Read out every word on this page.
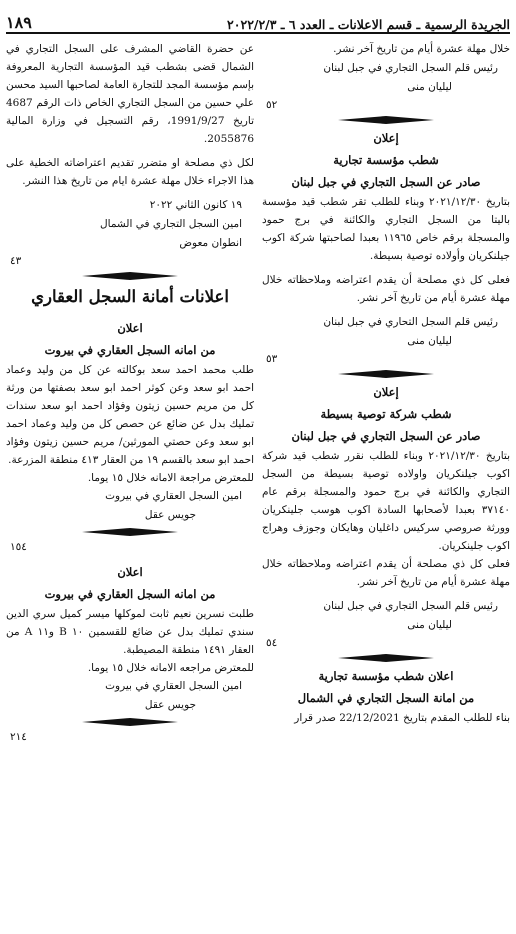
الجريدة الرسمية ـ قسم الاعلانات ـ العدد ٦ ـ ٢٠٢٢/٢/٣
١٨٩
خلال مهلة عشرة أيام من تاريخ آخر نشر.
رئيس قلم السجل التجاري في جبل لبنان
ليليان منى
٥٢
إعلان
شطب مؤسسة تجارية
صادر عن السجل التجاري في جبل لبنان

بتاريخ ٢٠٢١/١٢/٣٠ وبناء للطلب تقر شطب قيد مؤسسة باليتا من السجل التجاري والكائنة في برج حمود والمسجلة برقم خاص ١١٩٦٥ بعبدا لصاحبتها شركة اكوب جيلنكريان وأولاده توصية بسيطة.

فعلى كل ذي مصلحة أن يقدم اعتراضه وملاحظاته خلال مهلة عشرة أيام من تاريخ آخر نشر.

رئيس قلم السجل التحاري في جبل لبنان
ليليان منى
٥٣
إعلان
شطب شركة توصية بسيطة
صادر عن السجل التجاري في جبل لبنان

بتاريخ ٢٠٢١/١٢/٣٠ وبناء للطلب نقرر شطب قيد شركة اكوب جيلنكريان واولاده توصية بسيطة من السجل التجاري والكائنة في برج حمود والمسجلة برقم عام ٣٧١٤٠ بعبدا لأصحابها السادة اكوب هوسب جلينكريان وورثة صروصي سركيس داغليان وهايكان وجوزف وهراج اكوب جلينكريان.

فعلى كل ذي مصلحة أن يقدم اعتراضه وملاحظاته خلال مهلة عشرة أيام من تاريخ آخر نشر.

رئيس قلم السجل التجاري في جبل لبنان
ليليان منى
٥٤
اعلان شطب مؤسسة تجارية
من امانة السجل التجاري في الشمال

بناء للطلب المقدم بتاريخ 22/12/2021 صدر قرار

عن حضرة القاضي المشرف على السجل التجاري في الشمال قضى بشطب قيد المؤسسة التجارية المعروفة بإسم مؤسسة المجد للتجارة العامة لصاحبها السيد محسن علي حسين من السجل التجاري الخاص ذات الرقم 4687 تاريخ 1991/9/27، رقم التسجيل في وزارة المالية 2055876.

لكل ذي مصلحة او متضرر تقديم اعتراضاته الخطية على هذا الاجراء خلال مهلة عشرة ايام من تاريخ هذا النشر.

١٩ كانون الثاني ٢٠٢٢
امين السجل التجاري في الشمال
انطوان معوض
٤٣
اعلانات أمانة السجل العقاري
اعلان
من امانه السجل العقاري في بيروت

طلب محمد احمد سعد بوكالته عن كل من وليد وعماد احمد ابو سعد وعن كوثر احمد ابو سعد بصفتها من ورثة كل من مريم حسين زيتون وفؤاد احمد ابو سعد سندات تمليك بدل عن ضائع عن حصص كل من وليد وعماد احمد ابو سعد وعن حصتي المورثين/ مريم حسين زيتون وفؤاد احمد ابو سعد بالقسم ١٩ من العقار ٤١٣ منطقة المزرعة.

للمعترض مراجعة الامانه خلال ١٥ يوما.

امين السجل العقاري في بيروت
جويس عقل
١٥٤
اعلان
من امانه السجل العقاري في بيروت

طلبت نسرين نعيم ثابت لموكلها ميسر كميل سري الدين سندي تمليك بدل عن ضائع للقسمين ١٠ B و١١ A من العقار ١٤٩١ منطقة المصيطبة.

للمعترض مراجعه الامانه خلال ١٥ يوما.

امين السجل العقاري في بيروت
جويس عقل
٢١٤
